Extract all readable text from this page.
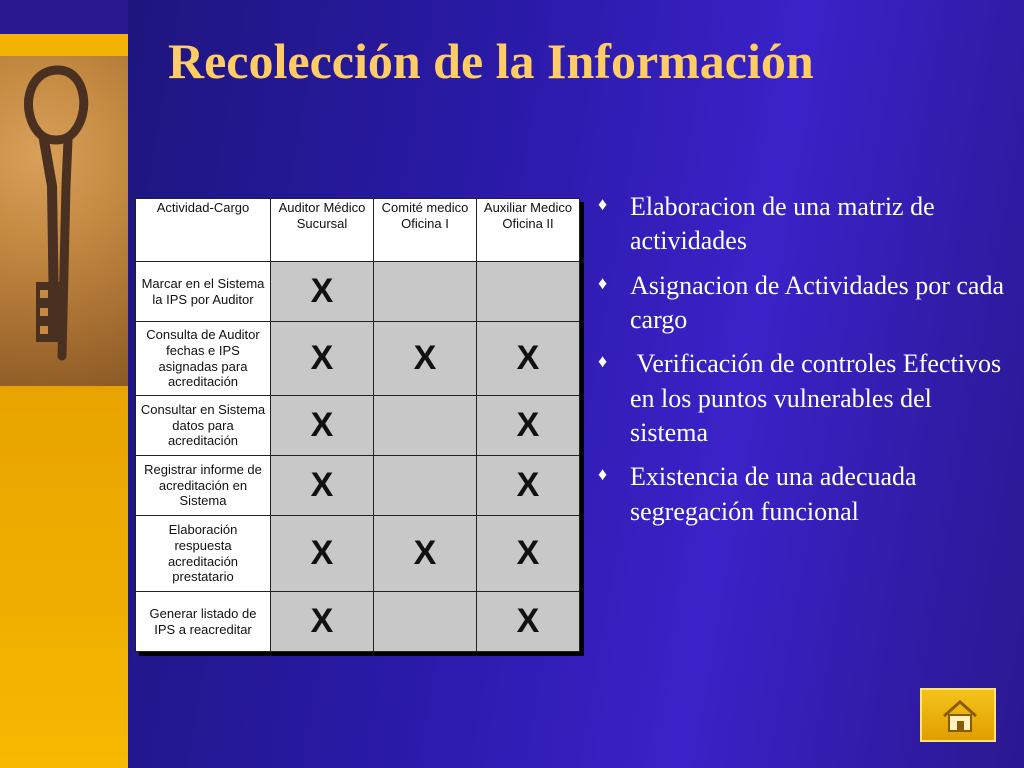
Recolección de la Información
Actividad-Cargo	Auditor Médico Sucursal	Comité medico Oficina I	Auxiliar Medico Oficina II
Marcar en el Sistema la IPS por Auditor	X		
Consulta de Auditor fechas e IPS asignadas para acreditación	X	X	X
Consultar en Sistema datos para acreditación	X		X
Registrar informe de acreditación en Sistema	X		X
Elaboración respuesta acreditación prestatario	X	X	X
Generar listado de IPS a reacreditar	X		X
♦ Elaboracion de una matriz de actividades
♦ Asignacion de Actividades por cada cargo
♦ Verificación de controles Efectivos en los puntos vulnerables del  sistema
♦ Existencia de una adecuada segregación funcional
